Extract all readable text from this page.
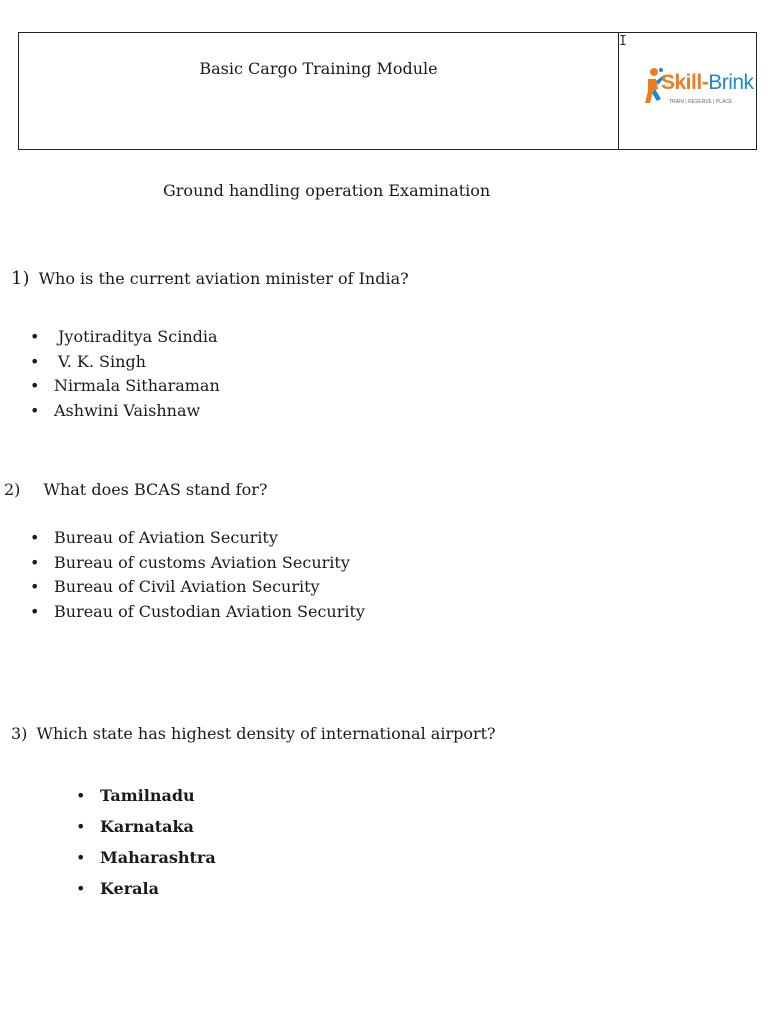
Basic Cargo Training Module
Skill-Brink
TRAIN | RESERVE | PLACE
I
Ground handling operation Examination
1) Who is the current aviation minister of India?
• Jyotiraditya Scindia
• V. K. Singh
• Nirmala Sitharaman
• Ashwini Vaishnaw
2) What does BCAS stand for?
• Bureau of Aviation Security
• Bureau of customs Aviation Security
• Bureau of Civil Aviation Security
• Bureau of Custodian Aviation Security
3) Which state has highest density of international airport?
• Tamilnadu
• Karnataka
• Maharashtra
• Kerala
